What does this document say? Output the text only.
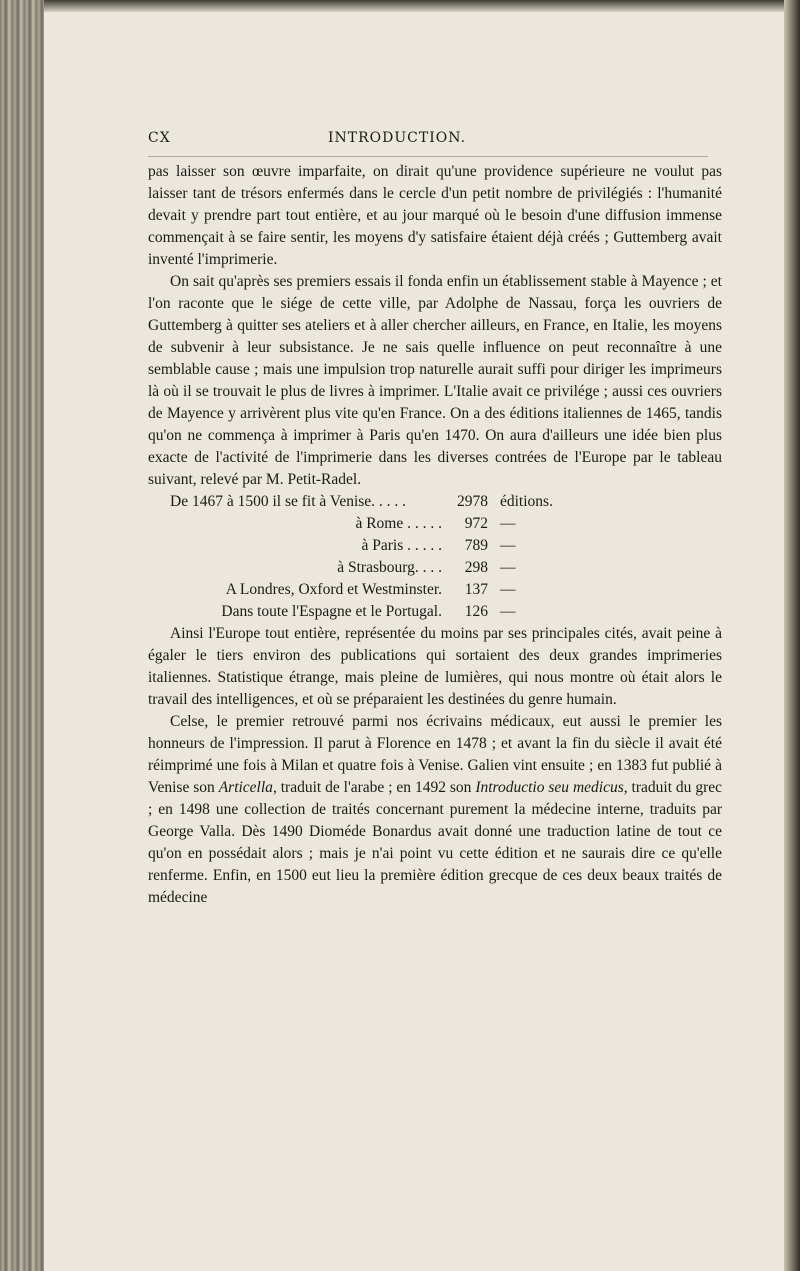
CX	INTRODUCTION.

pas laisser son œuvre imparfaite, on dirait qu'une providence supérieure ne voulut pas laisser tant de trésors enfermés dans le cercle d'un petit nombre de privilégiés : l'humanité devait y prendre part tout entière, et au jour marqué où le besoin d'une diffusion immense commençait à se faire sentir, les moyens d'y satisfaire étaient déjà créés ; Guttemberg avait inventé l'imprimerie.

On sait qu'après ses premiers essais il fonda enfin un établissement stable à Mayence ; et l'on raconte que le siége de cette ville, par Adolphe de Nassau, força les ouvriers de Guttemberg à quitter ses ateliers et à aller chercher ailleurs, en France, en Italie, les moyens de subvenir à leur subsistance. Je ne sais quelle influence on peut reconnaître à une semblable cause ; mais une impulsion trop naturelle aurait suffi pour diriger les imprimeurs là où il se trouvait le plus de livres à imprimer. L'Italie avait ce privilége ; aussi ces ouvriers de Mayence y arrivèrent plus vite qu'en France. On a des éditions italiennes de 1465, tandis qu'on ne commença à imprimer à Paris qu'en 1470. On aura d'ailleurs une idée bien plus exacte de l'activité de l'imprimerie dans les diverses contrées de l'Europe par le tableau suivant, relevé par M. Petit-Radel.

De 1467 à 1500 il se fit à Venise. . . . .	2978 éditions.
à Rome . . . . .	972 —
à Paris . . . . .	789 —
à Strasbourg. . . .	298 —
A Londres, Oxford et Westminster.	137 —
Dans toute l'Espagne et le Portugal.	126 —

Ainsi l'Europe tout entière, représentée du moins par ses principales cités, avait peine à égaler le tiers environ des publications qui sortaient des deux grandes imprimeries italiennes. Statistique étrange, mais pleine de lumières, qui nous montre où était alors le travail des intelligences, et où se préparaient les destinées du genre humain.

Celse, le premier retrouvé parmi nos écrivains médicaux, eut aussi le premier les honneurs de l'impression. Il parut à Florence en 1478 ; et avant la fin du siècle il avait été réimprimé une fois à Milan et quatre fois à Venise. Galien vint ensuite ; en 1383 fut publié à Venise son Articella, traduit de l'arabe ; en 1492 son Introductio seu medicus, traduit du grec ; en 1498 une collection de traités concernant purement la médecine interne, traduits par George Valla. Dès 1490 Dioméde Bonardus avait donné une traduction latine de tout ce qu'on en possédait alors ; mais je n'ai point vu cette édition et ne saurais dire ce qu'elle renferme. Enfin, en 1500 eut lieu la première édition grecque de ces deux beaux traités de médecine
